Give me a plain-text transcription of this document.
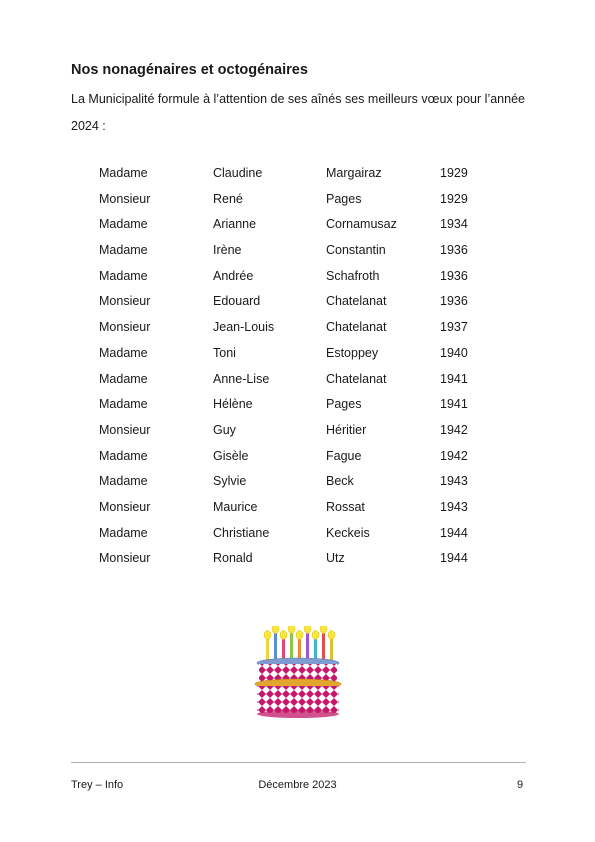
Nos nonagénaires et octogénaires

La Municipalité formule à l’attention de ses aînés ses meilleurs vœux pour l’année 2024 :

Madame	Claudine	Margairaz	1929
Monsieur	René	Pages	1929
Madame	Arianne	Cornamusaz	1934
Madame	Irène	Constantin	1936
Madame	Andrée	Schafroth	1936
Monsieur	Edouard	Chatelanat	1936
Monsieur	Jean-Louis	Chatelanat	1937
Madame	Toni	Estoppey	1940
Madame	Anne-Lise	Chatelanat	1941
Madame	Hélène	Pages	1941
Monsieur	Guy	Héritier	1942
Madame	Gisèle	Fague	1942
Madame	Sylvie	Beck	1943
Monsieur	Maurice	Rossat	1943
Madame	Christiane	Keckeis	1944
Monsieur	Ronald	Utz	1944
Trey – Info	Décembre 2023	9
